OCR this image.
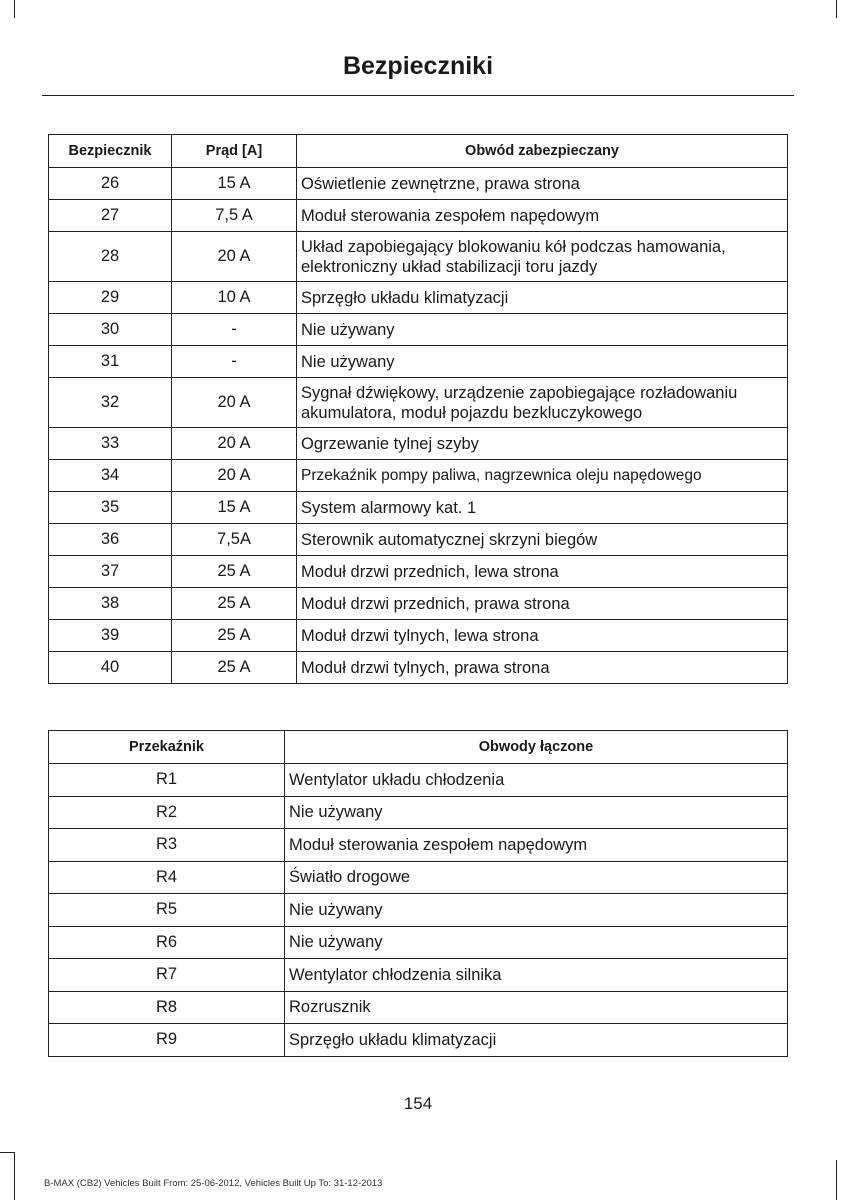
Bezpieczniki
Bezpiecznik	Prąd [A]	Obwód zabezpieczany
26	15 A	Oświetlenie zewnętrzne, prawa strona
27	7,5 A	Moduł sterowania zespołem napędowym
28	20 A	Układ zapobiegający blokowaniu kół podczas hamowania, elektroniczny układ stabilizacji toru jazdy
29	10 A	Sprzęgło układu klimatyzacji
30	-	Nie używany
31	-	Nie używany
32	20 A	Sygnał dźwiękowy, urządzenie zapobiegające rozładowaniu akumulatora, moduł pojazdu bezkluczykowego
33	20 A	Ogrzewanie tylnej szyby
34	20 A	Przekaźnik pompy paliwa, nagrzewnica oleju napędowego
35	15 A	System alarmowy kat. 1
36	7,5A	Sterownik automatycznej skrzyni biegów
37	25 A	Moduł drzwi przednich, lewa strona
38	25 A	Moduł drzwi przednich, prawa strona
39	25 A	Moduł drzwi tylnych, lewa strona
40	25 A	Moduł drzwi tylnych, prawa strona
Przekaźnik	Obwody łączone
R1	Wentylator układu chłodzenia
R2	Nie używany
R3	Moduł sterowania zespołem napędowym
R4	Światło drogowe
R5	Nie używany
R6	Nie używany
R7	Wentylator chłodzenia silnika
R8	Rozrusznik
R9	Sprzęgło układu klimatyzacji
154
B-MAX (CB2) Vehicles Built From: 25-06-2012, Vehicles Built Up To: 31-12-2013
